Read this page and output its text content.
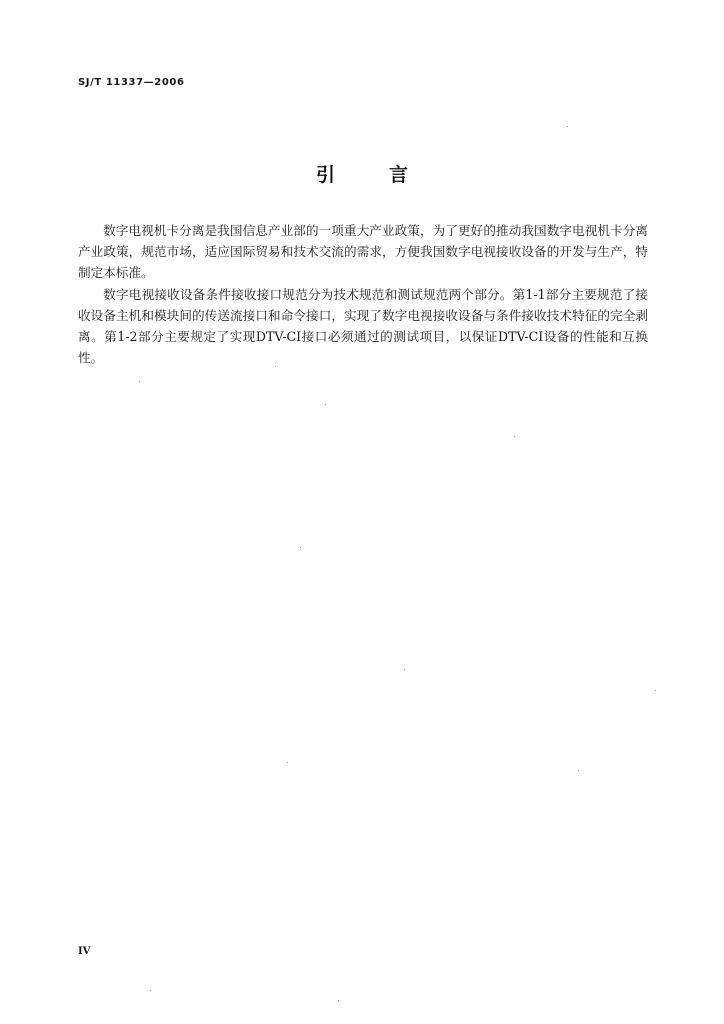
SJ/T 11337—2006
引言

数字电视机卡分离是我国信息产业部的一项重大产业政策，为了更好的推动我国数字电视机卡分离产业政策，规范市场，适应国际贸易和技术交流的需求，方便我国数字电视接收设备的开发与生产，特制定本标准。

数字电视接收设备条件接收接口规范分为技术规范和测试规范两个部分。第1-1部分主要规范了接收设备主机和模块间的传送流接口和命令接口，实现了数字电视接收设备与条件接收技术特征的完全剥离。第1-2部分主要规定了实现DTV-CI接口必须通过的测试项目，以保证DTV-CI设备的性能和互换性。

IV
